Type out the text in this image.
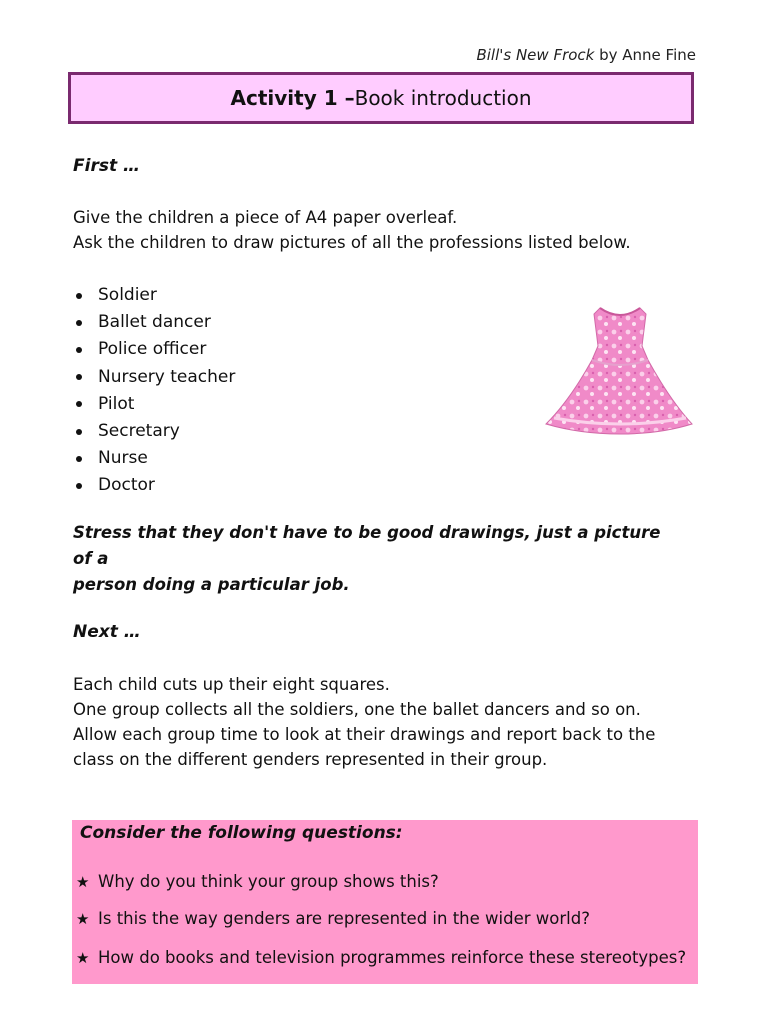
Bill's New Frock by Anne Fine
Activity 1 – Book introduction
First …
Give the children a piece of A4 paper overleaf.
Ask the children to draw pictures of all the professions listed below.
Soldier
Ballet dancer
Police officer
Nursery teacher
Pilot
Secretary
Nurse
Doctor
Stress that they don't have to be good drawings, just a picture of a
person doing a particular job.
Next …
Each child cuts up their eight squares.
One group collects all the soldiers, one the ballet dancers and so on.
Allow each group time to look at their drawings and report back to the
class on the different genders represented in their group.
Consider the following questions:
★ Why do you think your group shows this?
★ Is this the way genders are represented in the wider world?
★ How do books and television programmes reinforce these stereotypes?
